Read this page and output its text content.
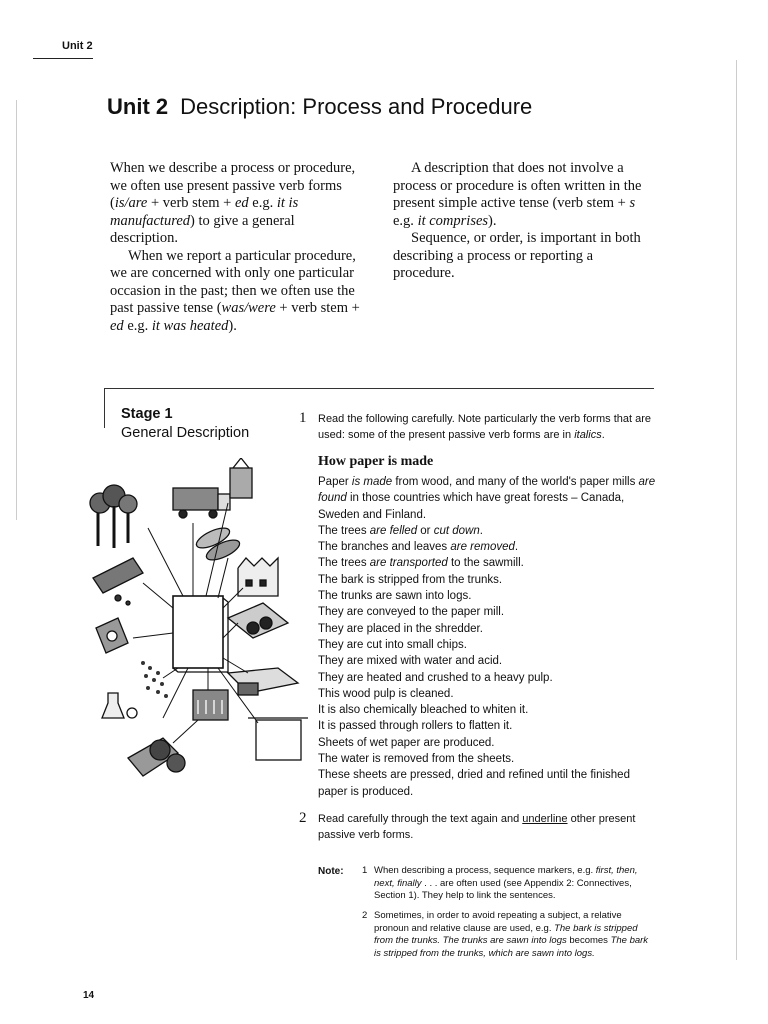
Unit 2
Unit 2 Description: Process and Procedure

When we describe a process or procedure, we often use present passive verb forms (is/are + verb stem + ed e.g. it is manufactured) to give a general description.

When we report a particular procedure, we are concerned with only one particular occasion in the past; then we often use the past passive tense (was/were + verb stem + ed e.g. it was heated).

A description that does not involve a process or procedure is often written in the present simple active tense (verb stem + s e.g. it comprises).

Sequence, or order, is important in both describing a process or reporting a procedure.

Stage 1
General Description
1 Read the following carefully. Note particularly the verb forms that are used: some of the present passive verb forms are in italics.
How paper is made

Paper is made from wood, and many of the world's paper mills are found in those countries which have great forests – Canada, Sweden and Finland.

The trees are felled or cut down.

The branches and leaves are removed.

The trees are transported to the sawmill.

The bark is stripped from the trunks.

The trunks are sawn into logs.

They are conveyed to the paper mill.

They are placed in the shredder.

They are cut into small chips.

They are mixed with water and acid.

They are heated and crushed to a heavy pulp.

This wood pulp is cleaned.

It is also chemically bleached to whiten it.

It is passed through rollers to flatten it.

Sheets of wet paper are produced.

The water is removed from the sheets.

These sheets are pressed, dried and refined until the finished paper is produced.

2 Read carefully through the text again and underline other present passive verb forms.
Note: 1 When describing a process, sequence markers, e.g. first, then, next, finally . . . are often used (see Appendix 2: Connectives, Section 1). They help to link the sentences.
2 Sometimes, in order to avoid repeating a subject, a relative pronoun and relative clause are used, e.g. The bark is stripped from the trunks. The trunks are sawn into logs becomes The bark is stripped from the trunks, which are sawn into logs.
14
